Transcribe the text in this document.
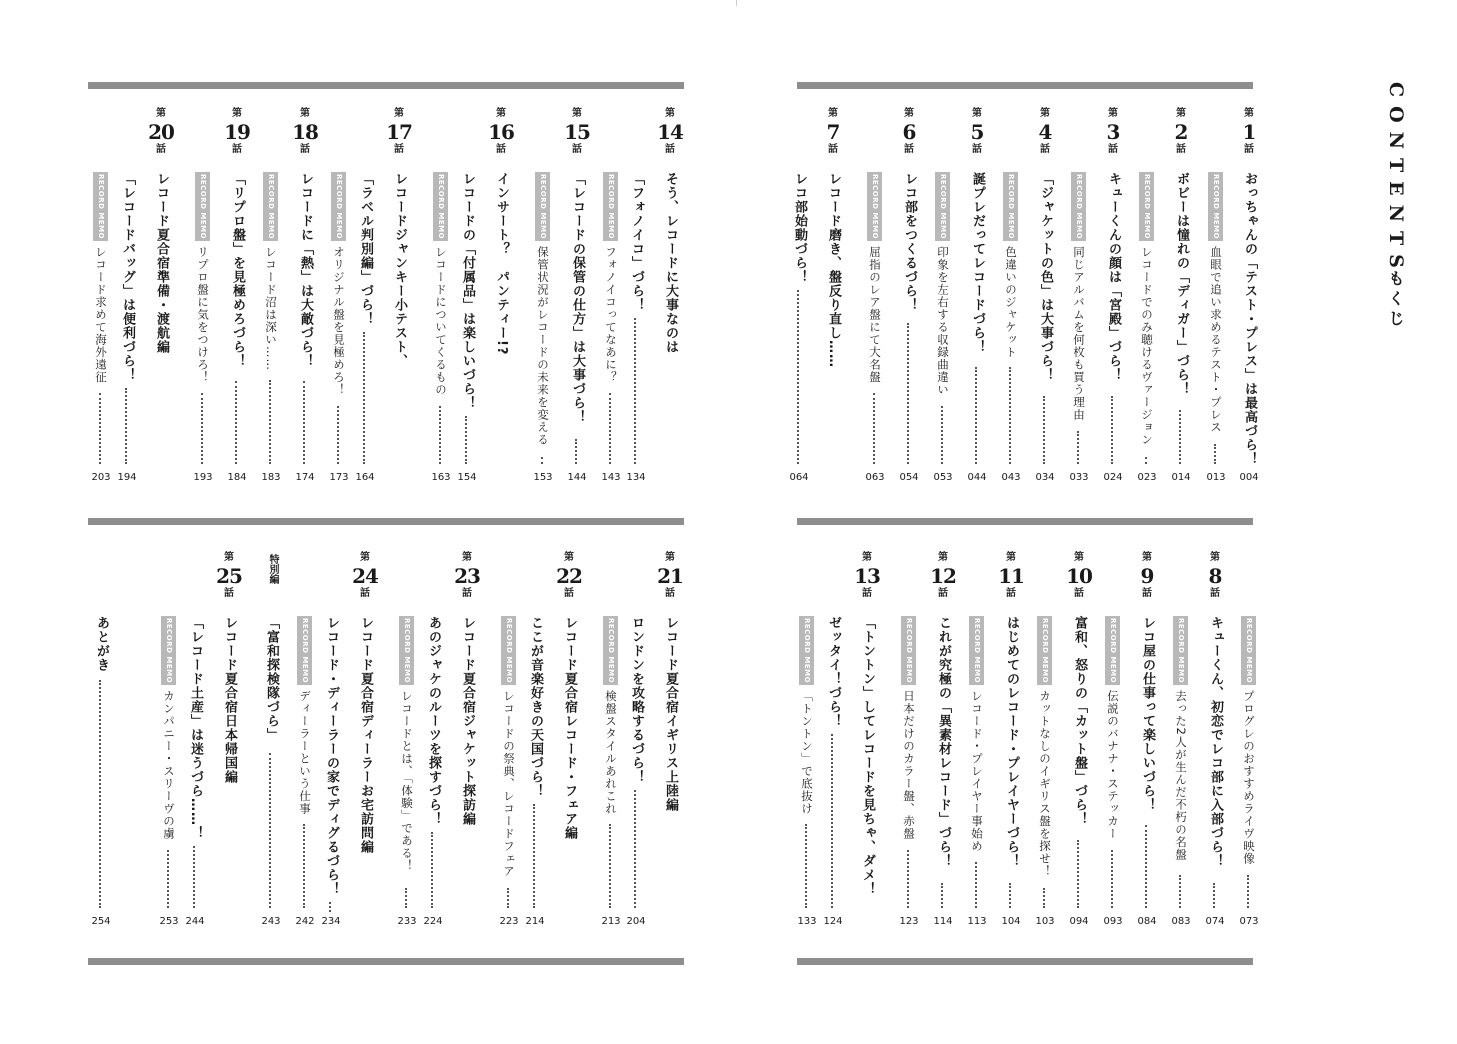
CONTENTS
もくじ
第
1
話
おっちゃんの「テスト・プレス」は最高づら！
004
RECORD MEMO
血眼で追い求めるテスト・プレス
013
第
2
話
ボビーは憧れの「ディガー」づら！
014
RECORD MEMO
レコードでのみ聴けるヴァージョン
023
第
3
話
キューくんの顔は「宮殿」づら！
024
RECORD MEMO
同じアルバムを何枚も買う理由
033
第
4
話
「ジャケットの色」は大事づら！
034
RECORD MEMO
色違いのジャケット
043
第
5
話
誕プレだってレコードづら！
044
RECORD MEMO
印象を左右する収録曲違い
053
第
6
話
レコ部をつくるづら！
054
RECORD MEMO
屈指のレア盤にて大名盤
063
第
7
話
レコード磨き、盤反り直し……
レコ部始動づら！
064
第
14
話
そう、レコードに大事なのは
「フォノイコ」づら！
134
RECORD MEMO
フォノイコってなあに？
143
第
15
話
「レコードの保管の仕方」は大事づら！
144
RECORD MEMO
保管状況がレコードの未来を変える
153
第
16
話
インサート？　パンティー!?
レコードの「付属品」は楽しいづら！
154
RECORD MEMO
レコードについてくるもの
163
第
17
話
レコードジャンキー小テスト、
「ラベル判別編」づら！
164
RECORD MEMO
オリジナル盤を見極めろ！
173
第
18
話
レコードに「熱」は大敵づら！
174
RECORD MEMO
レコード沼は深い……
183
第
19
話
「リプロ盤」を見極めろづら！
184
RECORD MEMO
リプロ盤に気をつけろ！
193
第
20
話
レコード夏合宿準備・渡航編
「レコードバッグ」は便利づら！
194
RECORD MEMO
レコード求めて海外遠征
203
RECORD MEMO
プログレのおすすめライヴ映像
073
第
8
話
キューくん、初恋でレコ部に入部づら！
074
RECORD MEMO
去った2人が生んだ不朽の名盤
083
第
9
話
レコ屋の仕事って楽しいづら！
084
RECORD MEMO
伝説のバナナ・ステッカー
093
第
10
話
富和、怒りの「カット盤」づら！
094
RECORD MEMO
カットなしのイギリス盤を探せ！
103
第
11
話
はじめてのレコード・プレイヤーづら！
104
RECORD MEMO
レコード・プレイヤー事始め
113
第
12
話
これが究極の「異素材レコード」づら！
114
RECORD MEMO
日本だけのカラー盤、赤盤
123
第
13
話
「トントン」してレコードを見ちゃ、ダメ！
ゼッタイ！づら！
124
RECORD MEMO
「トントン」で底抜け
133
第
21
話
レコード夏合宿イギリス上陸編
ロンドンを攻略するづら！
204
RECORD MEMO
検盤スタイルあれこれ
213
第
22
話
レコード夏合宿レコード・フェア編
ここが音楽好きの天国づら！
214
RECORD MEMO
レコードの祭典、レコードフェア
223
第
23
話
レコード夏合宿ジャケット探訪編
あのジャケのルーツを探すづら！
224
RECORD MEMO
レコードとは、「体験」である！
233
第
24
話
レコード夏合宿ディーラーお宅訪問編
レコード・ディーラーの家でディグるづら！
234
RECORD MEMO
ディーラーという仕事
242
特別編
「富和探検隊づら」
243
第
25
話
レコード夏合宿日本帰国編
「レコード土産」は迷うづら……！
244
RECORD MEMO
カンパニー・スリーヴの虜
253
あとがき
254
